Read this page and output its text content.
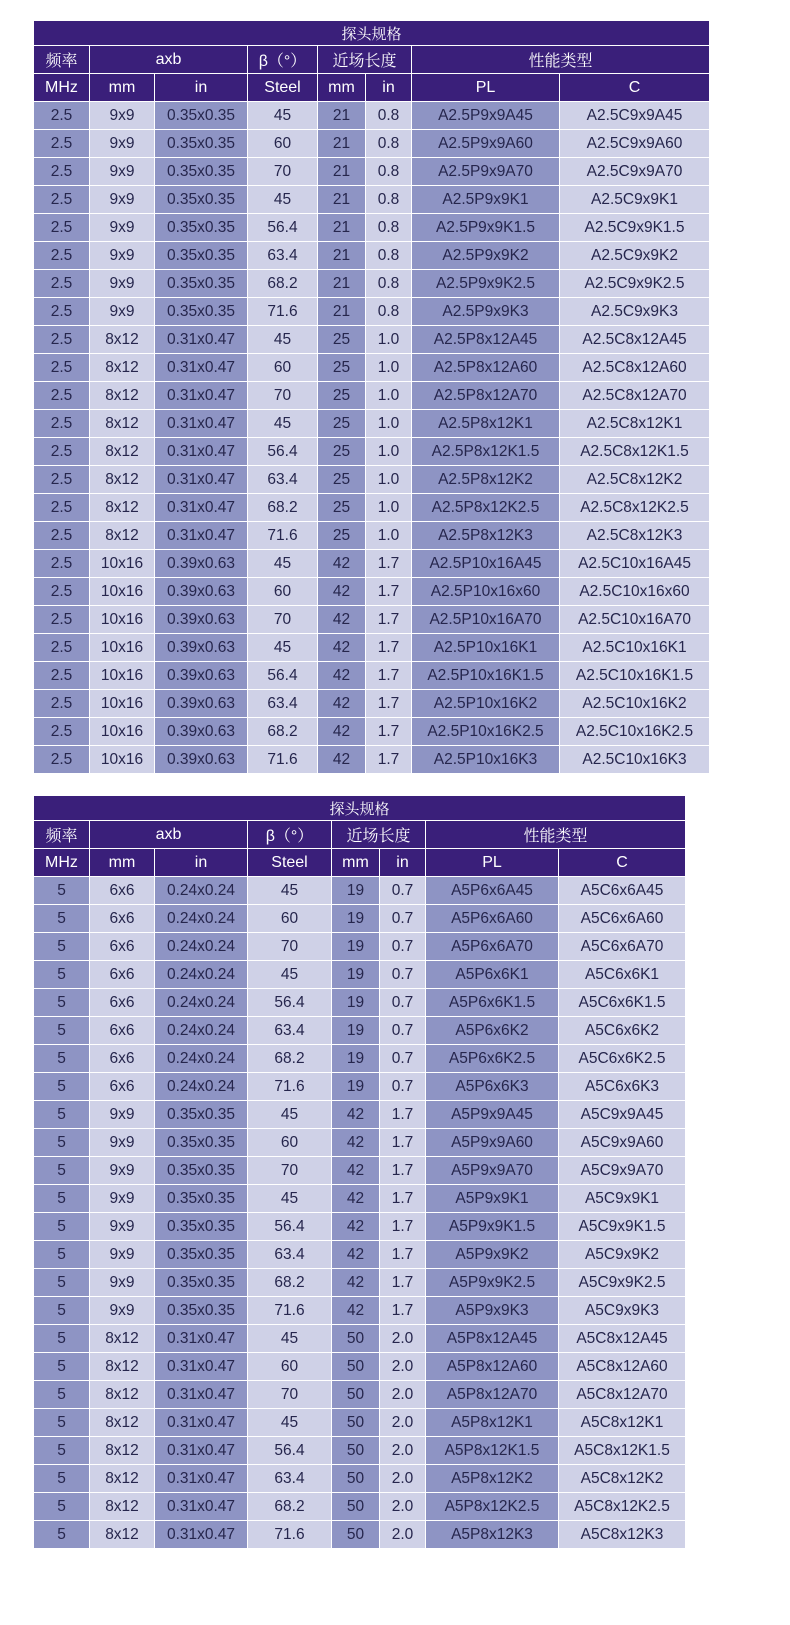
探头规格							
频率	axb		β（°）	近场长度		性能类型	
MHz	mm	in	Steel	mm	in	PL	C
2.5	9x9	0.35x0.35	45	21	0.8	A2.5P9x9A45	A2.5C9x9A45
2.5	9x9	0.35x0.35	60	21	0.8	A2.5P9x9A60	A2.5C9x9A60
2.5	9x9	0.35x0.35	70	21	0.8	A2.5P9x9A70	A2.5C9x9A70
2.5	9x9	0.35x0.35	45	21	0.8	A2.5P9x9K1	A2.5C9x9K1
2.5	9x9	0.35x0.35	56.4	21	0.8	A2.5P9x9K1.5	A2.5C9x9K1.5
2.5	9x9	0.35x0.35	63.4	21	0.8	A2.5P9x9K2	A2.5C9x9K2
2.5	9x9	0.35x0.35	68.2	21	0.8	A2.5P9x9K2.5	A2.5C9x9K2.5
2.5	9x9	0.35x0.35	71.6	21	0.8	A2.5P9x9K3	A2.5C9x9K3
2.5	8x12	0.31x0.47	45	25	1.0	A2.5P8x12A45	A2.5C8x12A45
2.5	8x12	0.31x0.47	60	25	1.0	A2.5P8x12A60	A2.5C8x12A60
2.5	8x12	0.31x0.47	70	25	1.0	A2.5P8x12A70	A2.5C8x12A70
2.5	8x12	0.31x0.47	45	25	1.0	A2.5P8x12K1	A2.5C8x12K1
2.5	8x12	0.31x0.47	56.4	25	1.0	A2.5P8x12K1.5	A2.5C8x12K1.5
2.5	8x12	0.31x0.47	63.4	25	1.0	A2.5P8x12K2	A2.5C8x12K2
2.5	8x12	0.31x0.47	68.2	25	1.0	A2.5P8x12K2.5	A2.5C8x12K2.5
2.5	8x12	0.31x0.47	71.6	25	1.0	A2.5P8x12K3	A2.5C8x12K3
2.5	10x16	0.39x0.63	45	42	1.7	A2.5P10x16A45	A2.5C10x16A45
2.5	10x16	0.39x0.63	60	42	1.7	A2.5P10x16x60	A2.5C10x16x60
2.5	10x16	0.39x0.63	70	42	1.7	A2.5P10x16A70	A2.5C10x16A70
2.5	10x16	0.39x0.63	45	42	1.7	A2.5P10x16K1	A2.5C10x16K1
2.5	10x16	0.39x0.63	56.4	42	1.7	A2.5P10x16K1.5	A2.5C10x16K1.5
2.5	10x16	0.39x0.63	63.4	42	1.7	A2.5P10x16K2	A2.5C10x16K2
2.5	10x16	0.39x0.63	68.2	42	1.7	A2.5P10x16K2.5	A2.5C10x16K2.5
2.5	10x16	0.39x0.63	71.6	42	1.7	A2.5P10x16K3	A2.5C10x16K3
探头规格							
频率	axb		β（°）	近场长度		性能类型	
MHz	mm	in	Steel	mm	in	PL	C
5	6x6	0.24x0.24	45	19	0.7	A5P6x6A45	A5C6x6A45
5	6x6	0.24x0.24	60	19	0.7	A5P6x6A60	A5C6x6A60
5	6x6	0.24x0.24	70	19	0.7	A5P6x6A70	A5C6x6A70
5	6x6	0.24x0.24	45	19	0.7	A5P6x6K1	A5C6x6K1
5	6x6	0.24x0.24	56.4	19	0.7	A5P6x6K1.5	A5C6x6K1.5
5	6x6	0.24x0.24	63.4	19	0.7	A5P6x6K2	A5C6x6K2
5	6x6	0.24x0.24	68.2	19	0.7	A5P6x6K2.5	A5C6x6K2.5
5	6x6	0.24x0.24	71.6	19	0.7	A5P6x6K3	A5C6x6K3
5	9x9	0.35x0.35	45	42	1.7	A5P9x9A45	A5C9x9A45
5	9x9	0.35x0.35	60	42	1.7	A5P9x9A60	A5C9x9A60
5	9x9	0.35x0.35	70	42	1.7	A5P9x9A70	A5C9x9A70
5	9x9	0.35x0.35	45	42	1.7	A5P9x9K1	A5C9x9K1
5	9x9	0.35x0.35	56.4	42	1.7	A5P9x9K1.5	A5C9x9K1.5
5	9x9	0.35x0.35	63.4	42	1.7	A5P9x9K2	A5C9x9K2
5	9x9	0.35x0.35	68.2	42	1.7	A5P9x9K2.5	A5C9x9K2.5
5	9x9	0.35x0.35	71.6	42	1.7	A5P9x9K3	A5C9x9K3
5	8x12	0.31x0.47	45	50	2.0	A5P8x12A45	A5C8x12A45
5	8x12	0.31x0.47	60	50	2.0	A5P8x12A60	A5C8x12A60
5	8x12	0.31x0.47	70	50	2.0	A5P8x12A70	A5C8x12A70
5	8x12	0.31x0.47	45	50	2.0	A5P8x12K1	A5C8x12K1
5	8x12	0.31x0.47	56.4	50	2.0	A5P8x12K1.5	A5C8x12K1.5
5	8x12	0.31x0.47	63.4	50	2.0	A5P8x12K2	A5C8x12K2
5	8x12	0.31x0.47	68.2	50	2.0	A5P8x12K2.5	A5C8x12K2.5
5	8x12	0.31x0.47	71.6	50	2.0	A5P8x12K3	A5C8x12K3
